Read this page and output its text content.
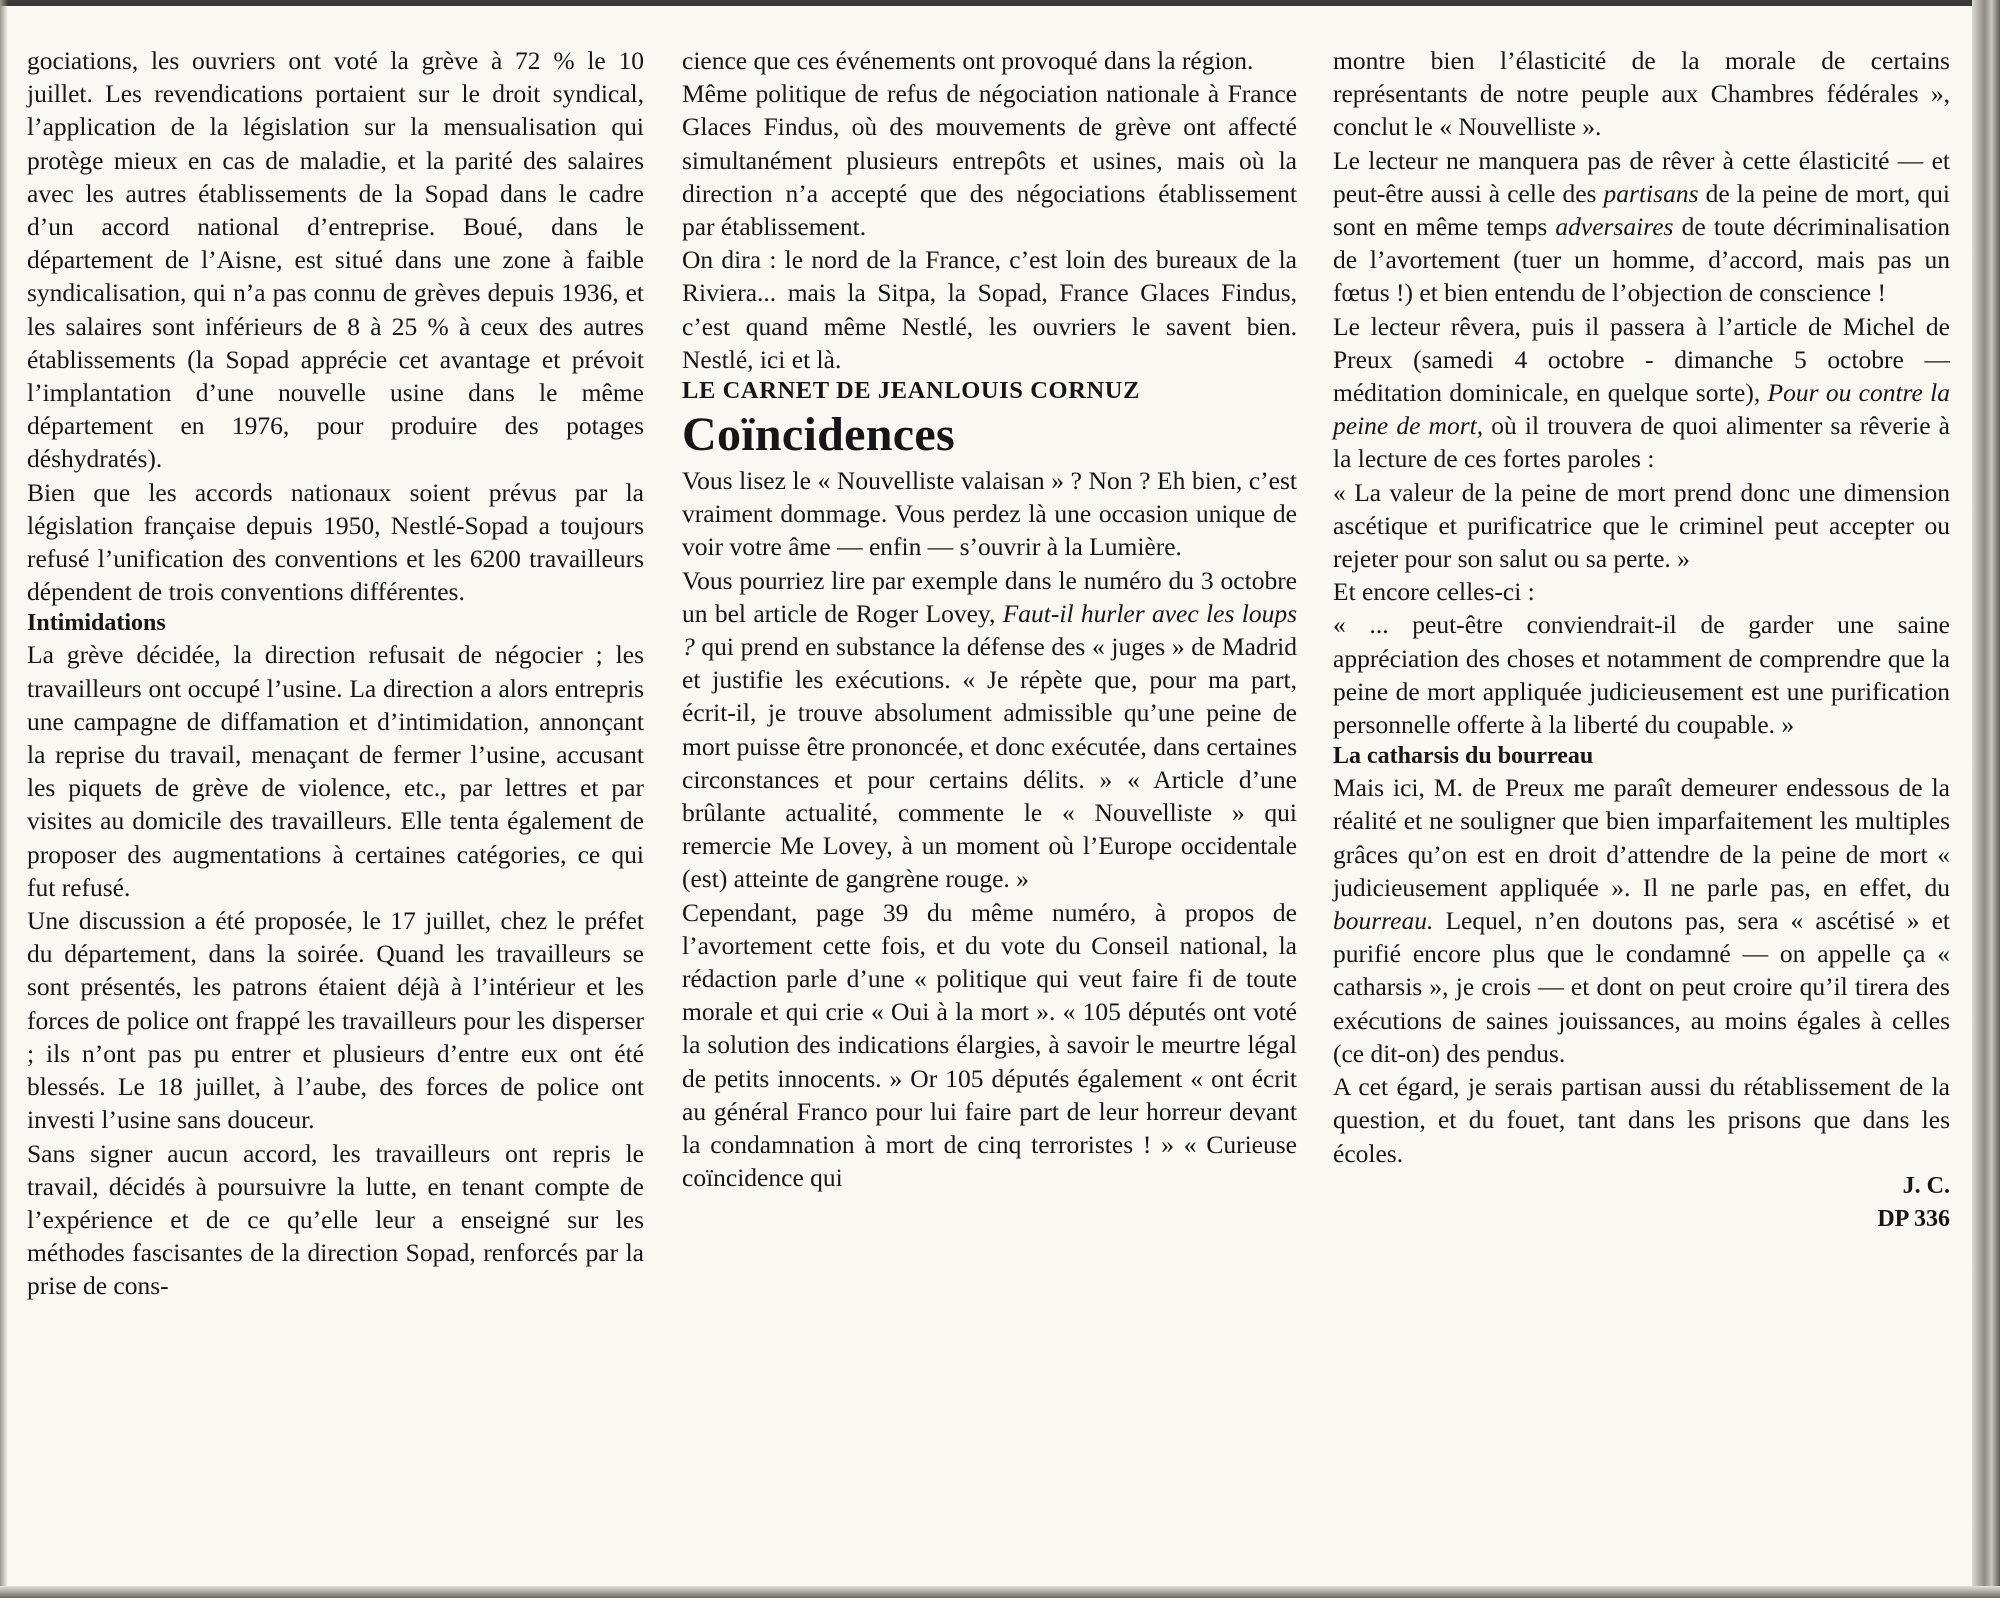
gociations, les ouvriers ont voté la grève à 72 % le 10 juillet. Les revendications portaient sur le droit syndical, l’application de la législation sur la mensualisation qui protège mieux en cas de maladie, et la parité des salaires avec les autres établissements de la Sopad dans le cadre d’un accord national d’entreprise. Boué, dans le département de l’Aisne, est situé dans une zone à faible syndicalisation, qui n’a pas connu de grèves depuis 1936, et les salaires sont inférieurs de 8 à 25 % à ceux des autres établissements (la Sopad apprécie cet avantage et prévoit l’implantation d’une nouvelle usine dans le même département en 1976, pour produire des potages déshydratés).

Bien que les accords nationaux soient prévus par la législation française depuis 1950, Nestlé-Sopad a toujours refusé l’unification des conventions et les 6200 travailleurs dépendent de trois conventions différentes.

Intimidations

La grève décidée, la direction refusait de négocier ; les travailleurs ont occupé l’usine. La direction a alors entrepris une campagne de diffamation et d’intimidation, annonçant la reprise du travail, menaçant de fermer l’usine, accusant les piquets de grève de violence, etc., par lettres et par visites au domicile des travailleurs. Elle tenta également de proposer des augmentations à certaines catégories, ce qui fut refusé.

Une discussion a été proposée, le 17 juillet, chez le préfet du département, dans la soirée. Quand les travailleurs se sont présentés, les patrons étaient déjà à l’intérieur et les forces de police ont frappé les travailleurs pour les disperser ; ils n’ont pas pu entrer et plusieurs d’entre eux ont été blessés. Le 18 juillet, à l’aube, des forces de police ont investi l’usine sans douceur.

Sans signer aucun accord, les travailleurs ont repris le travail, décidés à poursuivre la lutte, en tenant compte de l’expérience et de ce qu’elle leur a enseigné sur les méthodes fascisantes de la direction Sopad, renforcés par la prise de cons-

cience que ces événements ont provoqué dans la région.

Même politique de refus de négociation nationale à France Glaces Findus, où des mouvements de grève ont affecté simultanément plusieurs entrepôts et usines, mais où la direction n’a accepté que des négociations établissement par établissement.

On dira : le nord de la France, c’est loin des bureaux de la Riviera... mais la Sitpa, la Sopad, France Glaces Findus, c’est quand même Nestlé, les ouvriers le savent bien. Nestlé, ici et là.

LE CARNET DE JEANLOUIS CORNUZ

Coïncidences

Vous lisez le « Nouvelliste valaisan » ? Non ? Eh bien, c’est vraiment dommage. Vous perdez là une occasion unique de voir votre âme — enfin — s’ouvrir à la Lumière.

Vous pourriez lire par exemple dans le numéro du 3 octobre un bel article de Roger Lovey, Faut-il hurler avec les loups ? qui prend en substance la défense des « juges » de Madrid et justifie les exécutions. « Je répète que, pour ma part, écrit-il, je trouve absolument admissible qu’une peine de mort puisse être prononcée, et donc exécutée, dans certaines circonstances et pour certains délits. » « Article d’une brûlante actualité, commente le « Nouvelliste » qui remercie Me Lovey, à un moment où l’Europe occidentale (est) atteinte de gangrène rouge. »

Cependant, page 39 du même numéro, à propos de l’avortement cette fois, et du vote du Conseil national, la rédaction parle d’une « politique qui veut faire fi de toute morale et qui crie « Oui à la mort ». « 105 députés ont voté la solution des indications élargies, à savoir le meurtre légal de petits innocents. » Or 105 députés également « ont écrit au général Franco pour lui faire part de leur horreur devant la condamnation à mort de cinq terroristes ! » « Curieuse coïncidence qui

montre bien l’élasticité de la morale de certains représentants de notre peuple aux Chambres fédérales », conclut le « Nouvelliste ».

Le lecteur ne manquera pas de rêver à cette élasticité — et peut-être aussi à celle des partisans de la peine de mort, qui sont en même temps adversaires de toute décriminalisation de l’avortement (tuer un homme, d’accord, mais pas un fœtus !) et bien entendu de l’objection de conscience !

Le lecteur rêvera, puis il passera à l’article de Michel de Preux (samedi 4 octobre - dimanche 5 octobre — méditation dominicale, en quelque sorte), Pour ou contre la peine de mort, où il trouvera de quoi alimenter sa rêverie à la lecture de ces fortes paroles :

« La valeur de la peine de mort prend donc une dimension ascétique et purificatrice que le criminel peut accepter ou rejeter pour son salut ou sa perte. »

Et encore celles-ci :

« ... peut-être conviendrait-il de garder une saine appréciation des choses et notamment de comprendre que la peine de mort appliquée judicieusement est une purification personnelle offerte à la liberté du coupable. »

La catharsis du bourreau

Mais ici, M. de Preux me paraît demeurer endessous de la réalité et ne souligner que bien imparfaitement les multiples grâces qu’on est en droit d’attendre de la peine de mort « judicieusement appliquée ». Il ne parle pas, en effet, du bourreau. Lequel, n’en doutons pas, sera « ascétisé » et purifié encore plus que le condamné — on appelle ça « catharsis », je crois — et dont on peut croire qu’il tirera des exécutions de saines jouissances, au moins égales à celles (ce dit-on) des pendus.

A cet égard, je serais partisan aussi du rétablissement de la question, et du fouet, tant dans les prisons que dans les écoles.

J. C.

DP 336
